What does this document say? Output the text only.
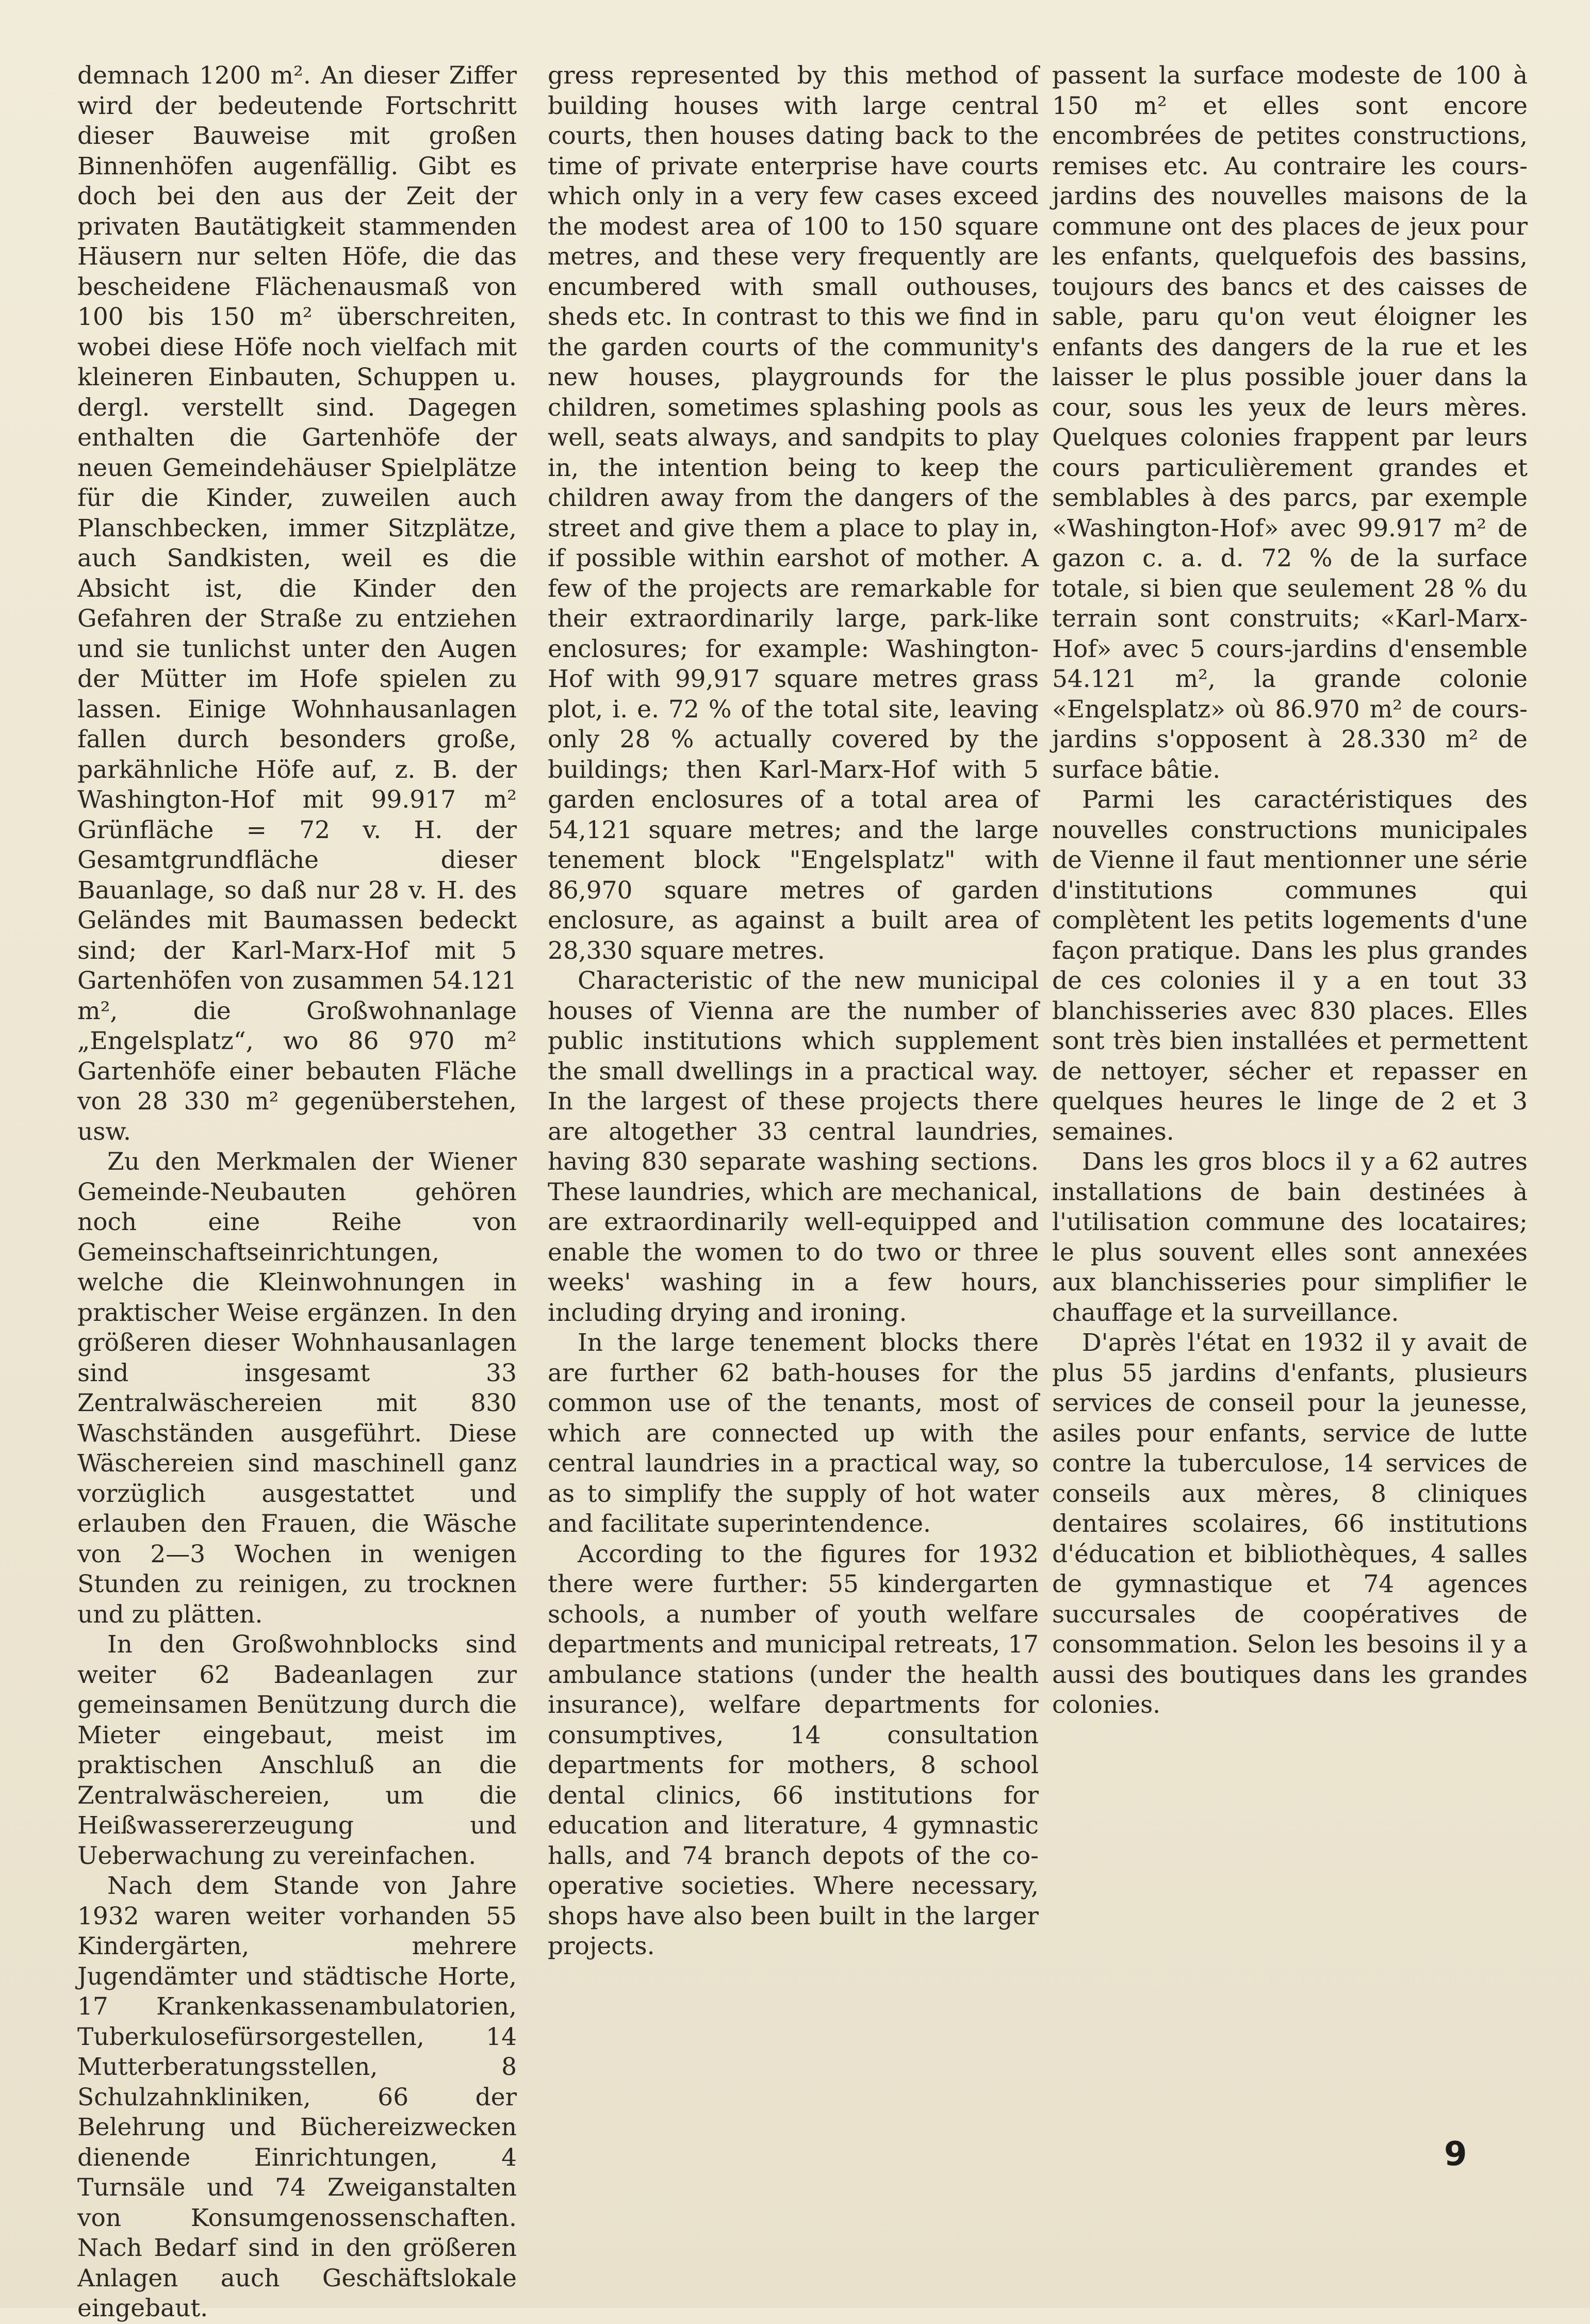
demnach 1200 m². An dieser Ziffer wird der bedeutende Fortschritt dieser Bauweise mit großen Binnenhöfen augenfällig. Gibt es doch bei den aus der Zeit der privaten Bautätigkeit stammenden Häusern nur selten Höfe, die das bescheidene Flächenausmaß von 100 bis 150 m² überschreiten, wobei diese Höfe noch vielfach mit kleineren Einbauten, Schuppen u. dergl. verstellt sind. Dagegen enthalten die Gartenhöfe der neuen Gemeindehäuser Spielplätze für die Kinder, zuweilen auch Planschbecken, immer Sitzplätze, auch Sandkisten, weil es die Absicht ist, die Kinder den Gefahren der Straße zu entziehen und sie tunlichst unter den Augen der Mütter im Hofe spielen zu lassen. Einige Wohnhausanlagen fallen durch besonders große, parkähnliche Höfe auf, z. B. der Washington-Hof mit 99.917 m² Grünfläche = 72 v. H. der Gesamtgrundfläche dieser Bauanlage, so daß nur 28 v. H. des Geländes mit Baumassen bedeckt sind; der Karl-Marx-Hof mit 5 Gartenhöfen von zusammen 54.121 m², die Großwohnanlage „Engelsplatz“, wo 86 970 m² Gartenhöfe einer bebauten Fläche von 28 330 m² gegenüberstehen, usw.

Zu den Merkmalen der Wiener Gemeinde-Neubauten gehören noch eine Reihe von Gemeinschaftseinrichtungen, welche die Kleinwohnungen in praktischer Weise ergänzen. In den größeren dieser Wohnhausanlagen sind insgesamt 33 Zentralwäschereien mit 830 Waschständen ausgeführt. Diese Wäschereien sind maschinell ganz vorzüglich ausgestattet und erlauben den Frauen, die Wäsche von 2—3 Wochen in wenigen Stunden zu reinigen, zu trocknen und zu plätten.

In den Großwohnblocks sind weiter 62 Badeanlagen zur gemeinsamen Benützung durch die Mieter eingebaut, meist im praktischen Anschluß an die Zentralwäschereien, um die Heißwassererzeugung und Ueberwachung zu vereinfachen.

Nach dem Stande von Jahre 1932 waren weiter vorhanden 55 Kindergärten, mehrere Jugendämter und städtische Horte, 17 Krankenkassenambulatorien, Tuberkulosefürsorgestellen, 14 Mutterberatungsstellen, 8 Schulzahnkliniken, 66 der Belehrung und Büchereizwecken dienende Einrichtungen, 4 Turnsäle und 74 Zweiganstalten von Konsumgenossenschaften. Nach Bedarf sind in den größeren Anlagen auch Geschäftslokale eingebaut.

gress represented by this method of building houses with large central courts, then houses dating back to the time of private enterprise have courts which only in a very few cases exceed the modest area of 100 to 150 square metres, and these very frequently are encumbered with small outhouses, sheds etc. In contrast to this we find in the garden courts of the community's new houses, playgrounds for the children, sometimes splashing pools as well, seats always, and sandpits to play in, the intention being to keep the children away from the dangers of the street and give them a place to play in, if possible within earshot of mother. A few of the projects are remarkable for their extraordinarily large, park-like enclosures; for example: Washington-Hof with 99,917 square metres grass plot, i. e. 72 % of the total site, leaving only 28 % actually covered by the buildings; then Karl-Marx-Hof with 5 garden enclosures of a total area of 54,121 square metres; and the large tenement block "Engelsplatz" with 86,970 square metres of garden enclosure, as against a built area of 28,330 square metres.

Characteristic of the new municipal houses of Vienna are the number of public institutions which supplement the small dwellings in a practical way. In the largest of these projects there are altogether 33 central laundries, having 830 separate washing sections. These laundries, which are mechanical, are extraordinarily well-equipped and enable the women to do two or three weeks' washing in a few hours, including drying and ironing.

In the large tenement blocks there are further 62 bath-houses for the common use of the tenants, most of which are connected up with the central laundries in a practical way, so as to simplify the supply of hot water and facilitate superintendence.

According to the figures for 1932 there were further: 55 kindergarten schools, a number of youth welfare departments and municipal retreats, 17 ambulance stations (under the health insurance), welfare departments for consumptives, 14 consultation departments for mothers, 8 school dental clinics, 66 institutions for education and literature, 4 gymnastic halls, and 74 branch depots of the co-operative societies. Where necessary, shops have also been built in the larger projects.

passent la surface modeste de 100 à 150 m² et elles sont encore encombrées de petites constructions, remises etc. Au contraire les cours-jardins des nouvelles maisons de la commune ont des places de jeux pour les enfants, quelquefois des bassins, toujours des bancs et des caisses de sable, paru qu'on veut éloigner les enfants des dangers de la rue et les laisser le plus possible jouer dans la cour, sous les yeux de leurs mères. Quelques colonies frappent par leurs cours particulièrement grandes et semblables à des parcs, par exemple «Washington-Hof» avec 99.917 m² de gazon c. a. d. 72 % de la surface totale, si bien que seulement 28 % du terrain sont construits; «Karl-Marx-Hof» avec 5 cours-jardins d'ensemble 54.121 m², la grande colonie «Engelsplatz» où 86.970 m² de cours-jardins s'opposent à 28.330 m² de surface bâtie.

Parmi les caractéristiques des nouvelles constructions municipales de Vienne il faut mentionner une série d'institutions communes qui complètent les petits logements d'une façon pratique. Dans les plus grandes de ces colonies il y a en tout 33 blanchisseries avec 830 places. Elles sont très bien installées et permettent de nettoyer, sécher et repasser en quelques heures le linge de 2 et 3 semaines.

Dans les gros blocs il y a 62 autres installations de bain destinées à l'utilisation commune des locataires; le plus souvent elles sont annexées aux blanchisseries pour simplifier le chauffage et la surveillance.

D'après l'état en 1932 il y avait de plus 55 jardins d'enfants, plusieurs services de conseil pour la jeunesse, asiles pour enfants, service de lutte contre la tuberculose, 14 services de conseils aux mères, 8 cliniques dentaires scolaires, 66 institutions d'éducation et bibliothèques, 4 salles de gymnastique et 74 agences succursales de coopératives de consommation. Selon les besoins il y a aussi des boutiques dans les grandes colonies.

9
